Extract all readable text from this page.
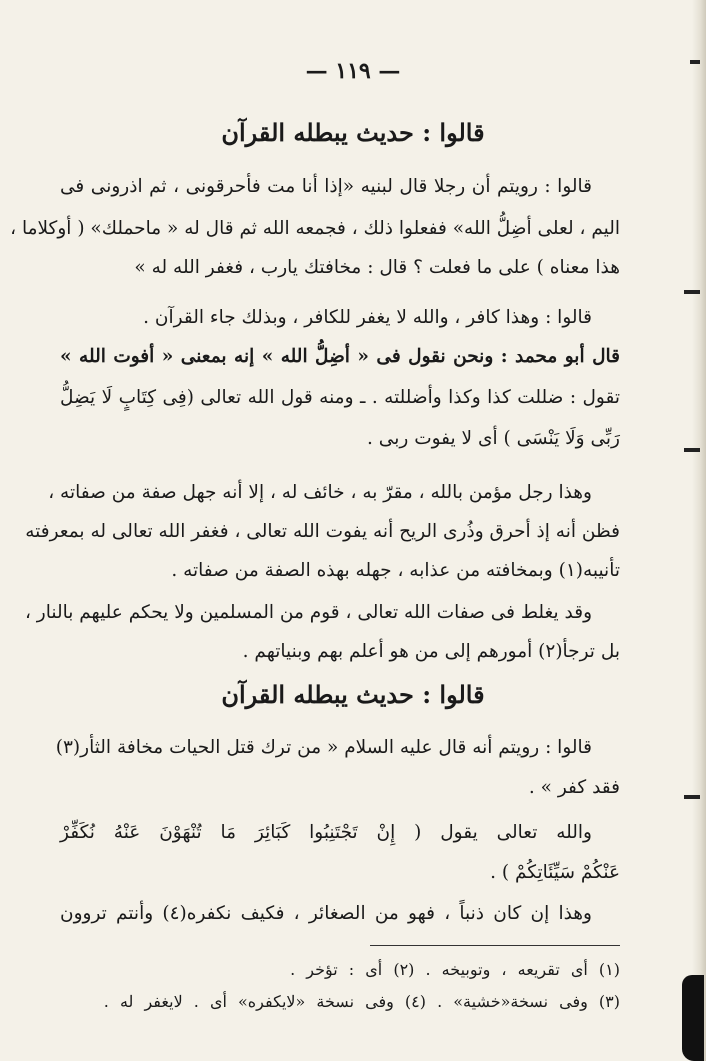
— ١١٩ —
قالوا : حديث يبطله القرآن
قالوا : رويتم أن رجلا قال لبنيه «إذا أنا مت فأحرقونى ، ثم اذرونى فى
اليم ، لعلى أضِلُّ الله» ففعلوا ذلك ، فجمعه الله ثم قال له « ماحملك» ( أوكلاما ،
هذا معناه ) على ما فعلت ؟ قال : مخافتك يارب ، فغفر الله له »
قالوا : وهذا كافر ، والله لا يغفر للكافر ، وبذلك جاء القرآن .
قال أبو محمد : ونحن نقول فى « أضِلُّ الله » إنه بمعنى « أفوت الله »
تقول : ضللت كذا وكذا وأضللته . ـ ومنه قول الله تعالى (فِى كِتَابٍ لَا يَضِلُّ
رَبِّى وَلَا يَنْسَى ) أى لا يفوت ربى .
وهذا رجل مؤمن بالله ، مقرّ به ، خائف له ، إلا أنه جهل صفة من صفاته ،
فظن أنه إذ أحرق وذُرى الريح أنه يفوت الله تعالى ، فغفر الله تعالى له بمعرفته
تأنيبه(١) وبمخافته من عذابه ، جهله بهذه الصفة من صفاته .
وقد يغلط فى صفات الله تعالى ، قوم من المسلمين ولا يحكم عليهم بالنار ،
بل ترجأ(٢) أمورهم إلى من هو أعلم بهم وبنياتهم .
قالوا : حديث يبطله القرآن
قالوا : رويتم أنه قال عليه السلام « من ترك قتل الحيات مخافة الثأر(٣)
فقد كفر » .
والله تعالى يقول ( إِنْ تَجْتَنِبُوا كَبَائِرَ مَا تُنْهَوْنَ عَنْهُ نُكَفِّرْ
عَنْكُمْ سَيِّئَاتِكُمْ ) .
وهذا إن كان ذنباً ، فهو من الصغائر ، فكيف نكفره(٤) وأنتم تروون
(١) أى تقريعه ، وتوبيخه . (٢) أى : تؤخر .
(٣) وفى نسخة«خشية» . (٤) وفى نسخة «لايكفره» أى . لايغفر له .
